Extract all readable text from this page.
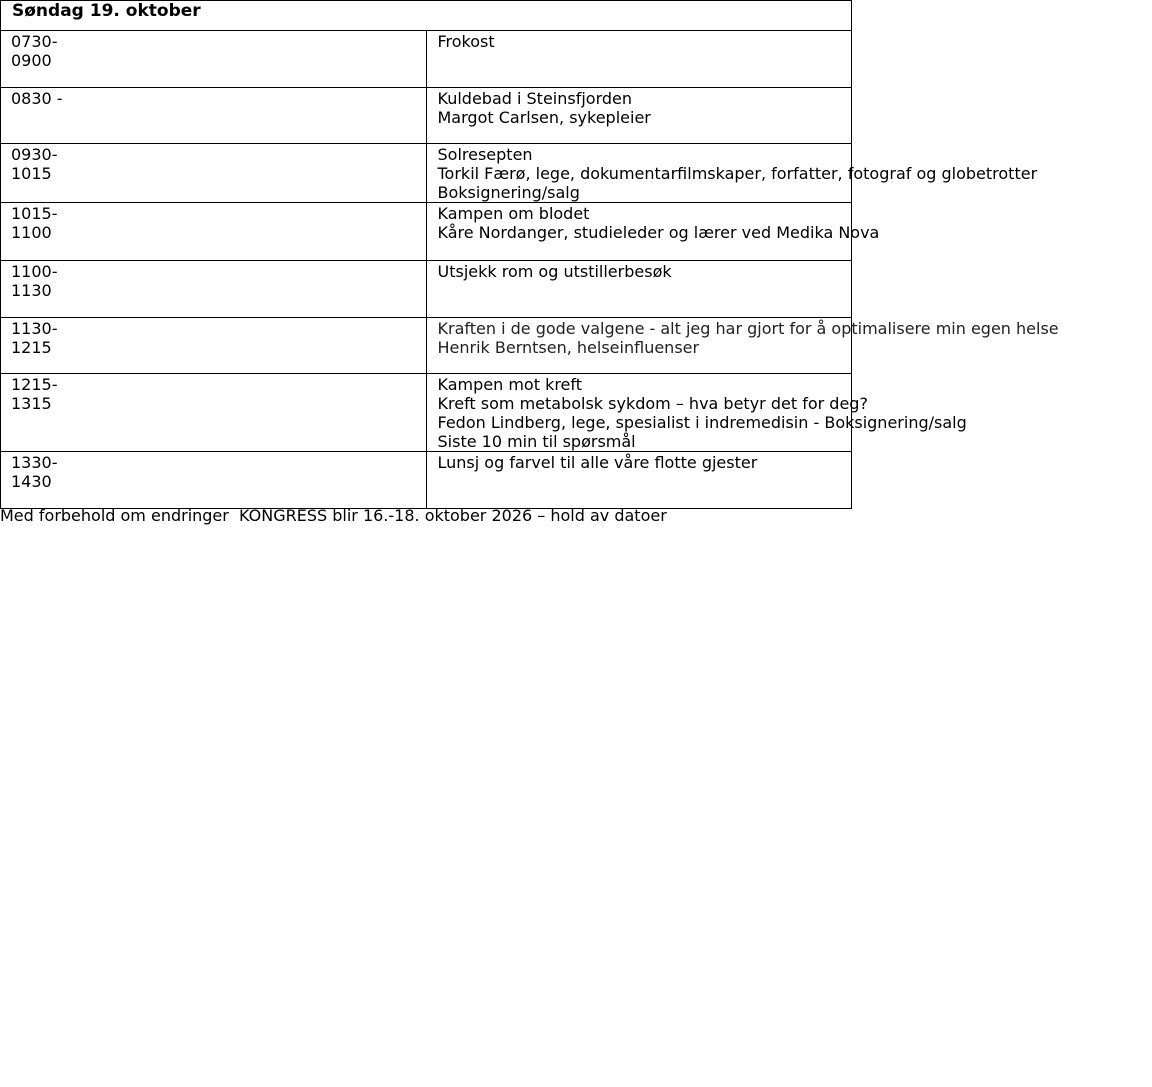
Søndag 19. oktober	

0730-
0900	Frokost

0830 -	Kuldebad i Steinsfjorden
Margot Carlsen, sykepleier

0930-
1015	Solresepten
Torkil Færø, lege, dokumentarfilmskaper, forfatter, fotograf og globetrotter
Boksignering/salg

1015-
1100	Kampen om blodet
Kåre Nordanger, studieleder og lærer ved Medika Nova

1100-
1130	Utsjekk rom og utstillerbesøk

1130-
1215	Kraften i de gode valgene - alt jeg har gjort for å optimalisere min egen helse
Henrik Berntsen, helseinfluenser

1215-
1315	Kampen mot kreft
Kreft som metabolsk sykdom – hva betyr det for deg?
Fedon Lindberg, lege, spesialist i indremedisin - Boksignering/salg
Siste 10 min til spørsmål

1330-
1430	Lunsj og farvel til alle våre flotte gjester
Med forbehold om endringer  KONGRESS blir 16.-18. oktober 2026 – hold av datoer
